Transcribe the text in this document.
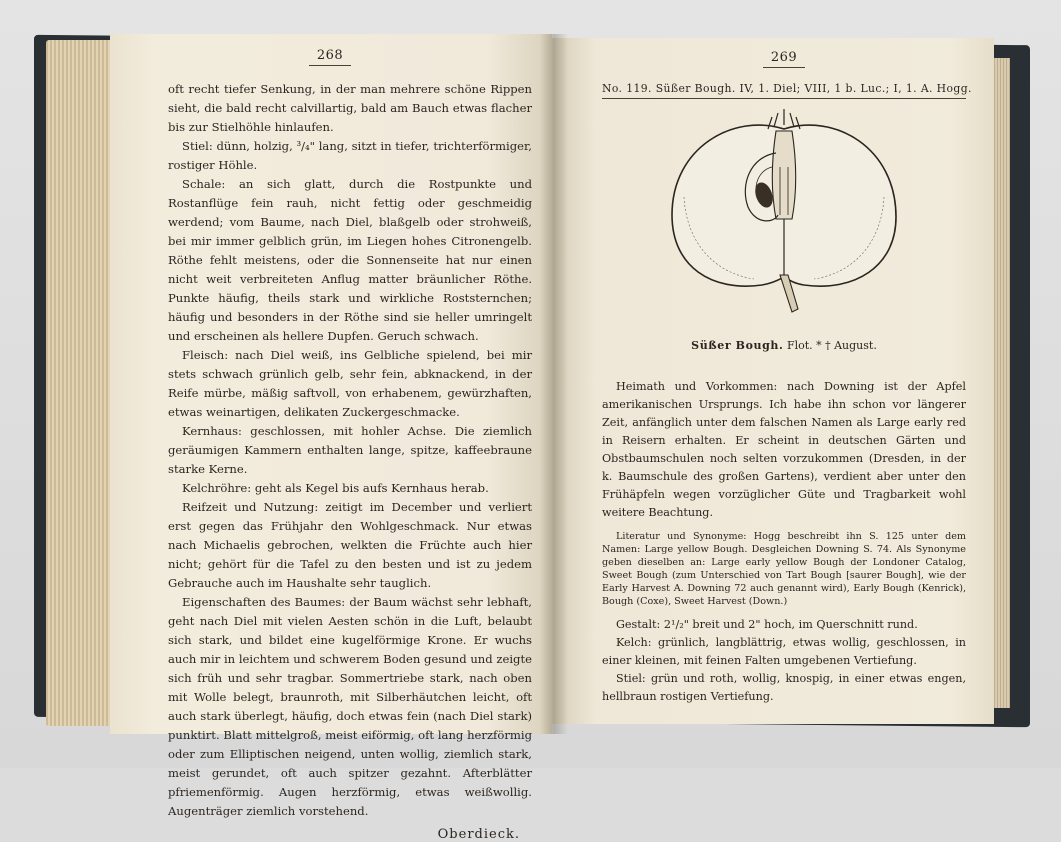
268

oft recht tiefer Senkung, in der man mehrere schöne Rippen sieht, die bald recht calvillartig, bald am Bauch etwas flacher bis zur Stielhöhle hinlaufen.

Stiel: dünn, holzig, ³/₄" lang, sitzt in tiefer, trichterförmiger, rostiger Höhle.

Schale: an sich glatt, durch die Rostpunkte und Rostanflüge fein rauh, nicht fettig oder geschmeidig werdend; vom Baume, nach Diel, blaßgelb oder strohweiß, bei mir immer gelblich grün, im Liegen hohes Citronengelb. Röthe fehlt meistens, oder die Sonnenseite hat nur einen nicht weit verbreiteten Anflug matter bräunlicher Röthe. Punkte häufig, theils stark und wirkliche Roststernchen; häufig und besonders in der Röthe sind sie heller umringelt und erscheinen als hellere Dupfen. Geruch schwach.

Fleisch: nach Diel weiß, ins Gelbliche spielend, bei mir stets schwach grünlich gelb, sehr fein, abknackend, in der Reife mürbe, mäßig saftvoll, von erhabenem, gewürzhaften, etwas weinartigen, delikaten Zuckergeschmacke.

Kernhaus: geschlossen, mit hohler Achse. Die ziemlich geräumigen Kammern enthalten lange, spitze, kaffeebraune starke Kerne.

Kelchröhre: geht als Kegel bis aufs Kernhaus herab.

Reifzeit und Nutzung: zeitigt im December und verliert erst gegen das Frühjahr den Wohlgeschmack. Nur etwas nach Michaelis gebrochen, welkten die Früchte auch hier nicht; gehört für die Tafel zu den besten und ist zu jedem Gebrauche auch im Haushalte sehr tauglich.

Eigenschaften des Baumes: der Baum wächst sehr lebhaft, geht nach Diel mit vielen Aesten schön in die Luft, belaubt sich stark, und bildet eine kugelförmige Krone. Er wuchs auch mir in leichtem und schwerem Boden gesund und zeigte sich früh und sehr tragbar. Sommertriebe stark, nach oben mit Wolle belegt, braunroth, mit Silberhäutchen leicht, oft auch stark überlegt, häufig, doch etwas fein (nach Diel stark) punktirt. Blatt mittelgroß, meist eiförmig, oft lang herzförmig oder zum Elliptischen neigend, unten wollig, ziemlich stark, meist gerundet, oft auch spitzer gezahnt. Afterblätter pfriemenförmig. Augen herzförmig, etwas weißwollig. Augenträger ziemlich vorstehend.

Oberdieck.
269
No. 119. Süßer Bough. IV, 1. Diel; VIII, 1 b. Luc.; I, 1. A. Hogg.
Süßer Bough. Flot. * † August.

Heimath und Vorkommen: nach Downing ist der Apfel amerikanischen Ursprungs. Ich habe ihn schon vor längerer Zeit, anfänglich unter dem falschen Namen als Large early red in Reisern erhalten. Er scheint in deutschen Gärten und Obstbaumschulen noch selten vorzukommen (Dresden, in der k. Baumschule des großen Gartens), verdient aber unter den Frühäpfeln wegen vorzüglicher Güte und Tragbarkeit wohl weitere Beachtung.

Literatur und Synonyme: Hogg beschreibt ihn S. 125 unter dem Namen: Large yellow Bough. Desgleichen Downing S. 74. Als Synonyme geben dieselben an: Large early yellow Bough der Londoner Catalog, Sweet Bough (zum Unterschied von Tart Bough [saurer Bough], wie der Early Harvest A. Downing 72 auch genannt wird), Early Bough (Kenrick), Bough (Coxe), Sweet Harvest (Down.)

Gestalt: 2¹/₂" breit und 2" hoch, im Querschnitt rund.

Kelch: grünlich, langblättrig, etwas wollig, geschlossen, in einer kleinen, mit feinen Falten umgebenen Vertiefung.

Stiel: grün und roth, wollig, knospig, in einer etwas engen, hellbraun rostigen Vertiefung.
